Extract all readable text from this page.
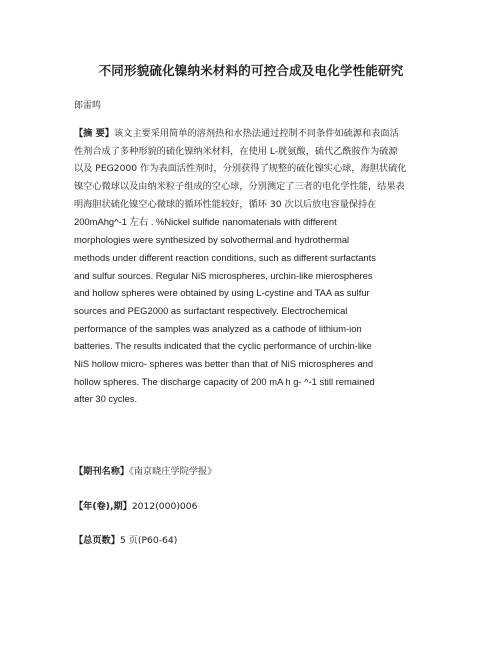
不同形貌硫化镍纳米材料的可控合成及电化学性能研究
郎雷鸣
【摘 要】该文主要采用简单的溶剂热和水热法通过控制不同条件如硫源和表面活
性剂合成了多种形貌的硫化镍纳米材料，在使用 L-胱氨酸，硫代乙酰胺作为硫源
以及 PEG2000 作为表面活性剂时，分别获得了规整的硫化镍实心球，海胆状硫化
镍空心微球以及由纳米粒子组成的空心球，分别测定了三者的电化学性能，结果表
明海胆状硫化镍空心微球的循环性能较好，循环 30 次以后放电容量保持在
200mAhg^-1 左右 . %Nickel sulfide nanomaterials with different
morphologies were synthesized by solvothermal and hydrothermal
methods under different reaction conditions, such as different surfactants
and sulfur sources. Regular NiS microspheres, urchin-like mierospheres
and hollow spheres were obtained by using L-cystine and TAA as sulfur
sources and PEG2000 as surfactant respectively. Electrochemical
performance of the samples was analyzed as a cathode of lithium-ion
batteries. The results indicated that the cyclic performance of urchin-like
NiS hollow micro- spheres was better than that of NiS microspheres and
hollow spheres. The discharge capacity of 200 mA h g- ^-1 still remained
after 30 cycles.
【期刊名称】《南京晓庄学院学报》
【年(卷),期】2012(000)006
【总页数】5 页(P60-64)
